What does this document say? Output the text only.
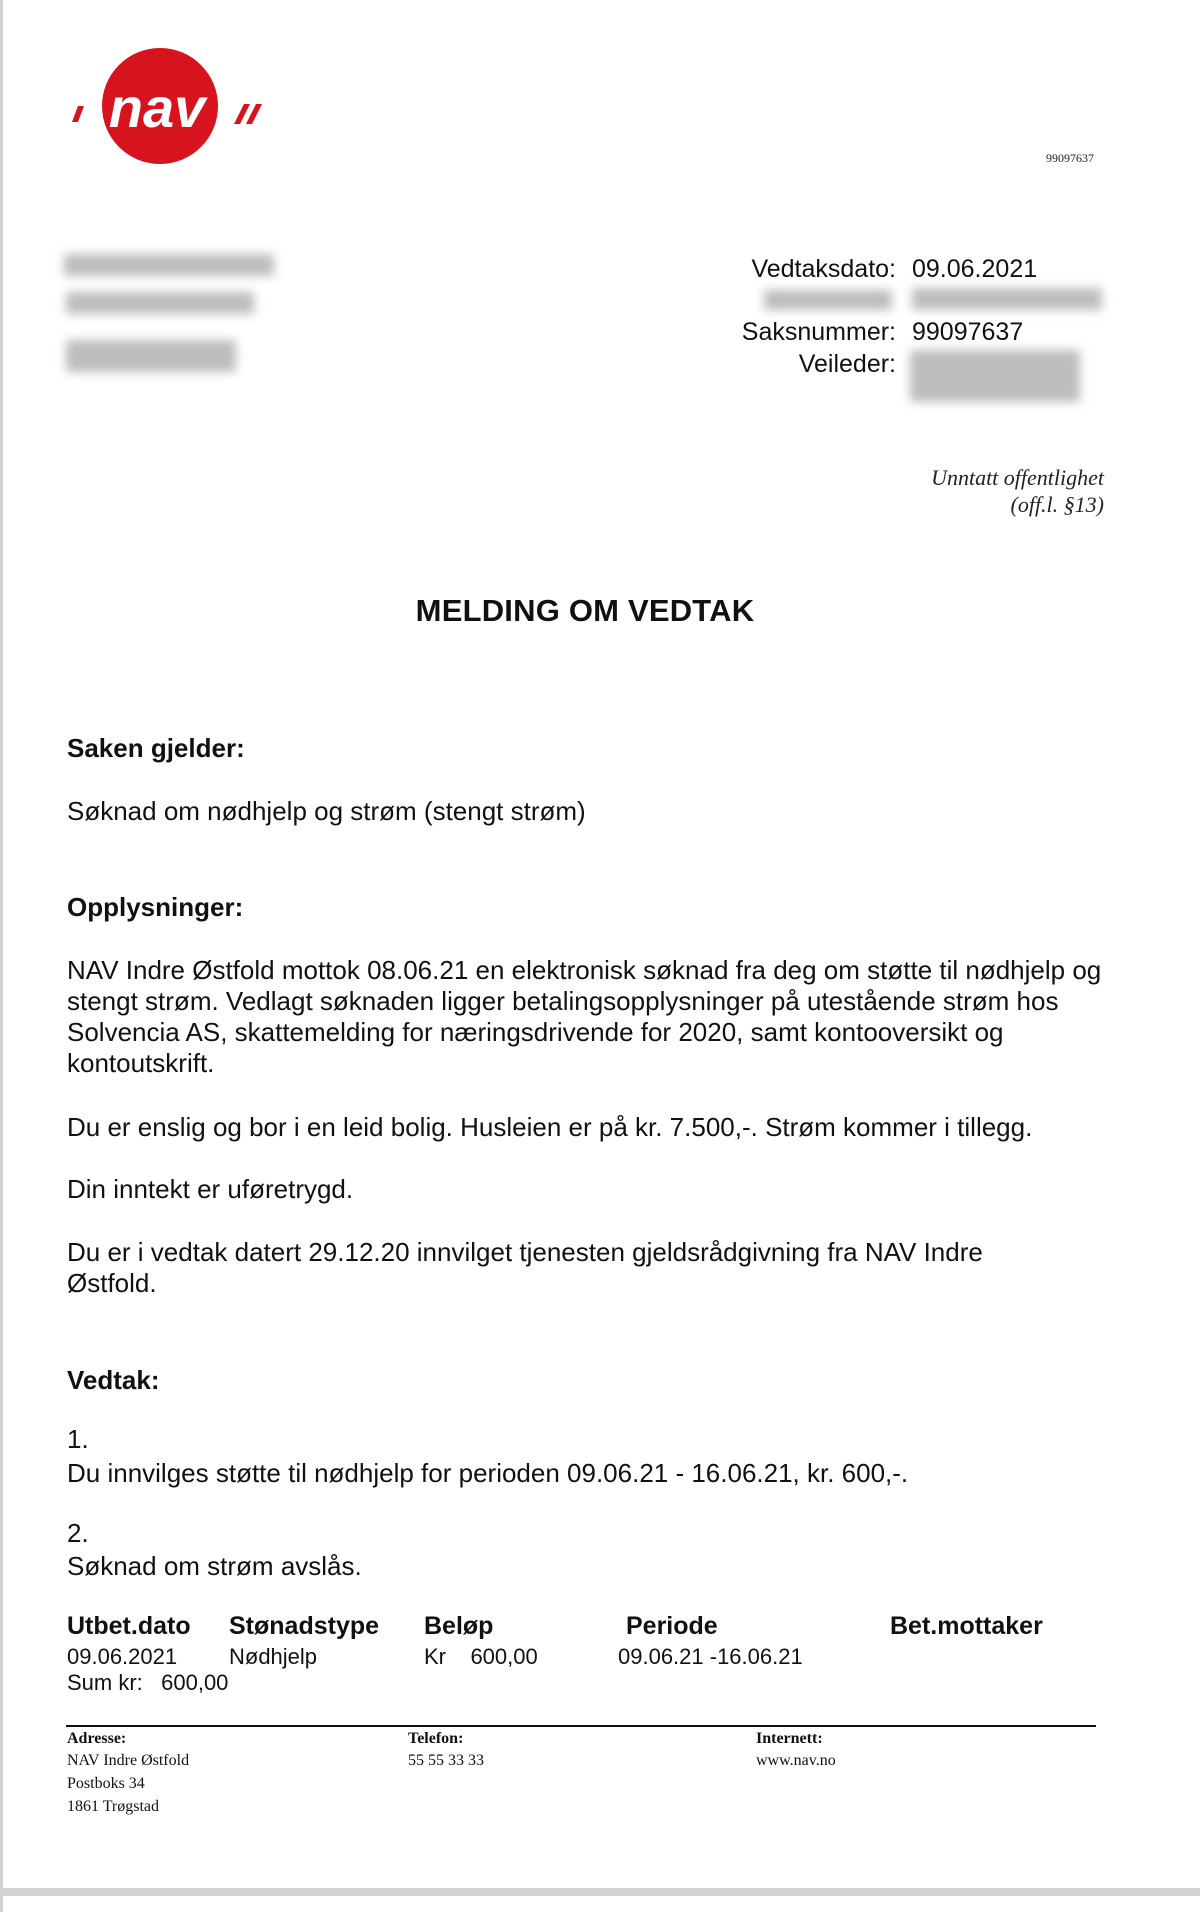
nav
99097637
Vedtaksdato: 09.06.2021
Saksnummer: 99097637
Veileder:
Unntatt offentlighet
(off.l. §13)
MELDING OM VEDTAK
Saken gjelder:
Søknad om nødhjelp og strøm (stengt strøm)
Opplysninger:
NAV Indre Østfold mottok 08.06.21 en elektronisk søknad fra deg om støtte til nødhjelp og stengt strøm. Vedlagt søknaden ligger betalingsopplysninger på utestående strøm hos Solvencia AS, skattemelding for næringsdrivende for 2020, samt kontooversikt og kontoutskrift.
Du er enslig og bor i en leid bolig. Husleien er på kr. 7.500,-. Strøm kommer i tillegg.
Din inntekt er uføretrygd.
Du er i vedtak datert 29.12.20 innvilget tjenesten gjeldsrådgivning fra NAV Indre Østfold.
Vedtak:
1.
Du innvilges støtte til nødhjelp for perioden 09.06.21 - 16.06.21, kr. 600,-.
2.
Søknad om strøm avslås.
Utbet.dato Stønadstype Beløp	Periode	Bet.mottaker
09.06.2021 Nødhjelp	Kr    600,00	09.06.21 -16.06.21
Sum kr:   600,00
Adresse:
NAV Indre Østfold
Postboks 34
1861 Trøgstad
Telefon:
55 55 33 33
Internett:
www.nav.no
